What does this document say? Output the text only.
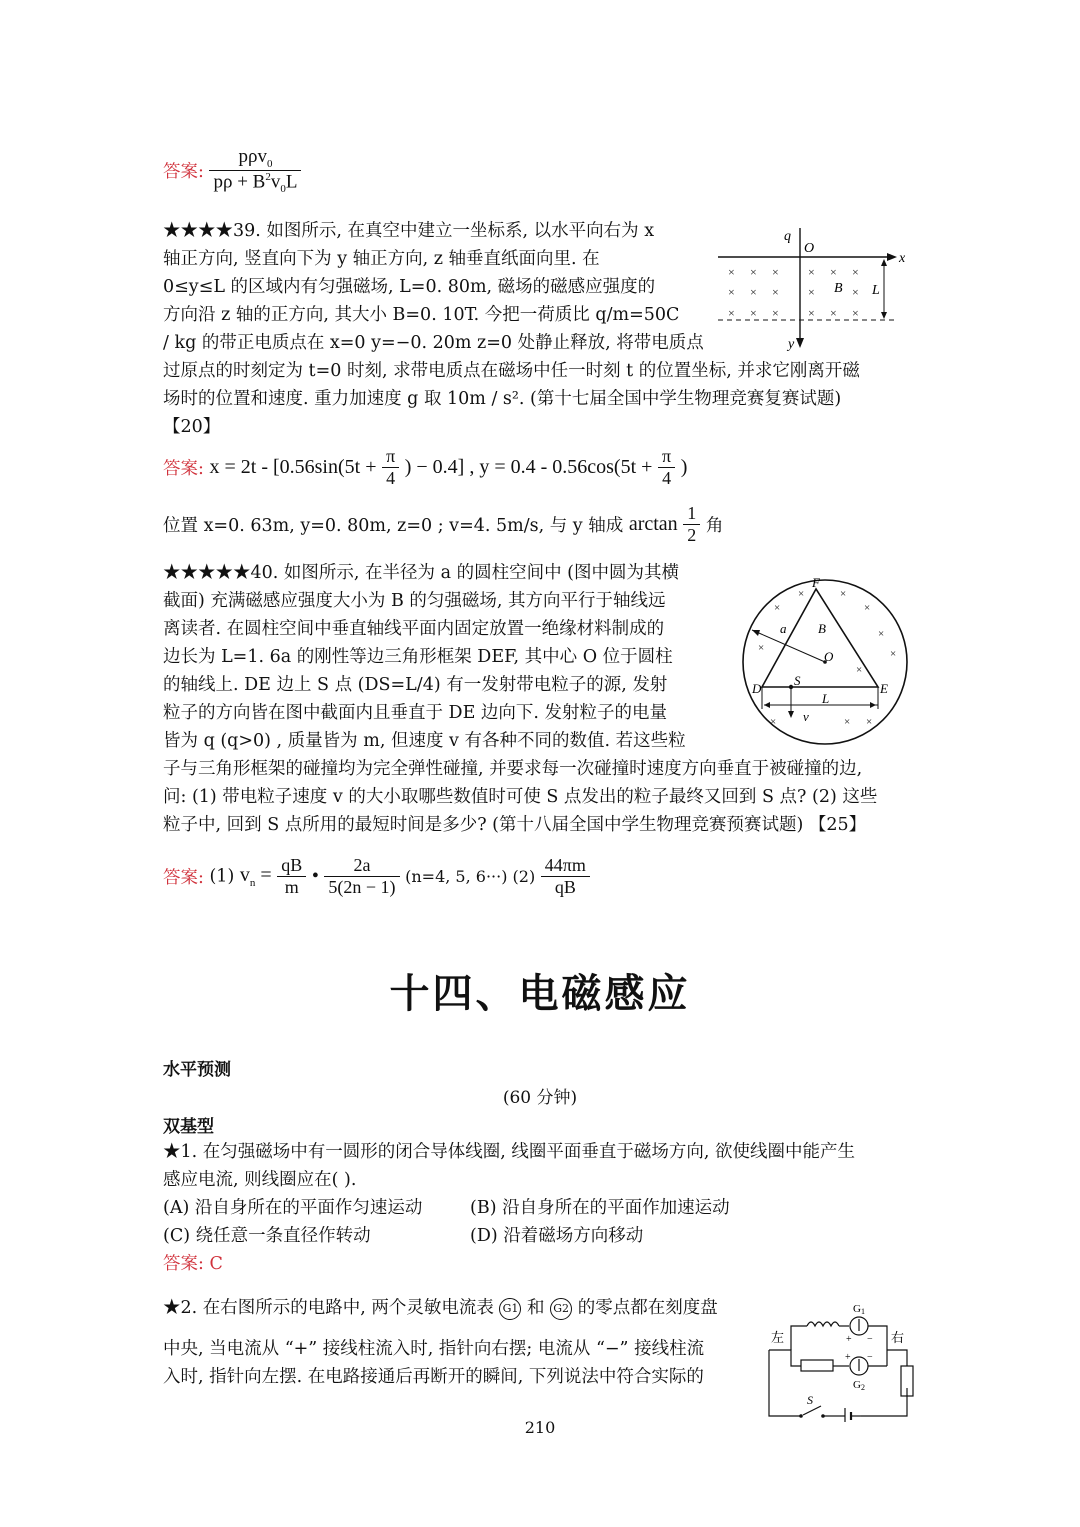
答案: $\frac{p\rho v_0}{p\rho + B^2v_0L}$
★★★★39. 如图所示, 在真空中建立一坐标系, 以水平向右为 x
轴正方向, 竖直向下为 y 轴正方向, z 轴垂直纸面向里. 在
0≤y≤L 的区域内有匀强磁场, L=0. 80m, 磁场的磁感应强度的
方向沿 z 轴的正方向, 其大小 B=0. 10T. 今把一荷质比 q/m=50C
/ kg 的带正电质点在 x=0 y=−0. 20m z=0 处静止释放, 将带电质点
过原点的时刻定为 t=0 时刻, 求带电质点在磁场中任一时刻 t 的位置坐标, 并求它刚离开磁
场时的位置和速度. 重力加速度 g 取 10m / s². (第十七届全国中学生物理竞赛复赛试题)
【20】
q
O
x
y
× × × × × ×
× × × ×	×
× × × × × ×
B L
答案: $x = 2t - [0.56\sin(5t + \frac{\pi}{4}$ ) − 0.4] , $y = 0.4 - 0.56\cos(5t + \frac{\pi}{4}$ )
位置 x=0. 63m, y=0. 80m, z=0 ; v=4. 5m/s, 与 y 轴成 $\arctan \frac{1}{2}$ 角
★★★★★40. 如图所示, 在半径为 a 的圆柱空间中 (图中圆为其横
截面) 充满磁感应强度大小为 B 的匀强磁场, 其方向平行于轴线远
离读者. 在圆柱空间中垂直轴线平面内固定放置一绝缘材料制成的
边长为 L=1. 6a 的刚性等边三角形框架 DEF, 其中心 O 位于圆柱
的轴线上. DE 边上 S 点 (DS=L/4) 有一发射带电粒子的源, 发射
粒子的方向皆在图中截面内且垂直于 DE 边向下. 发射粒子的电量
皆为 q (q>0) , 质量皆为 m, 但速度 v 有各种不同的数值. 若这些粒
子与三角形框架的碰撞均为完全弹性碰撞, 并要求每一次碰撞时速度方向垂直于被碰撞的边,
问: (1) 带电粒子速度 v 的大小取哪些数值时可使 S 点发出的粒子最终又回到 S 点? (2) 这些
粒子中, 回到 S 点所用的最短时间是多少? (第十八届全国中学生物理竞赛预赛试题) 【25】
F
D	E
B
a
O
S
v
L
×
×	×
×
×
×
×
×
×	× ×
答案: (1) $v_n = \frac{qB}{m}$ • $\frac{2a}{5(2n - 1)} (n=4$, 5, 6···) $(2) \frac{44\pi m}{qB}$
十四、电磁感应
水平预测
(60 分钟)
双基型
★1. 在匀强磁场中有一圆形的闭合导体线圈, 线圈平面垂直于磁场方向, 欲使线圈中能产生
感应电流, 则线圈应在( ).
(A) 沿自身所在的平面作匀速运动	(B) 沿自身所在的平面作加速运动
(C) 绕任意一条直径作转动	(D) 沿着磁场方向移动
答案: C
★2. 在右图所示的电路中, 两个灵敏电流表 G1 和 G2 的零点都在刻度盘
中央, 当电流从 “+” 接线柱流入时, 指针向右摆; 电流从 “−” 接线柱流
入时, 指针向左摆. 在电路接通后再断开的瞬间, 下列说法中符合实际的
左	右
G1
+ −
+ −
G2
S
210
